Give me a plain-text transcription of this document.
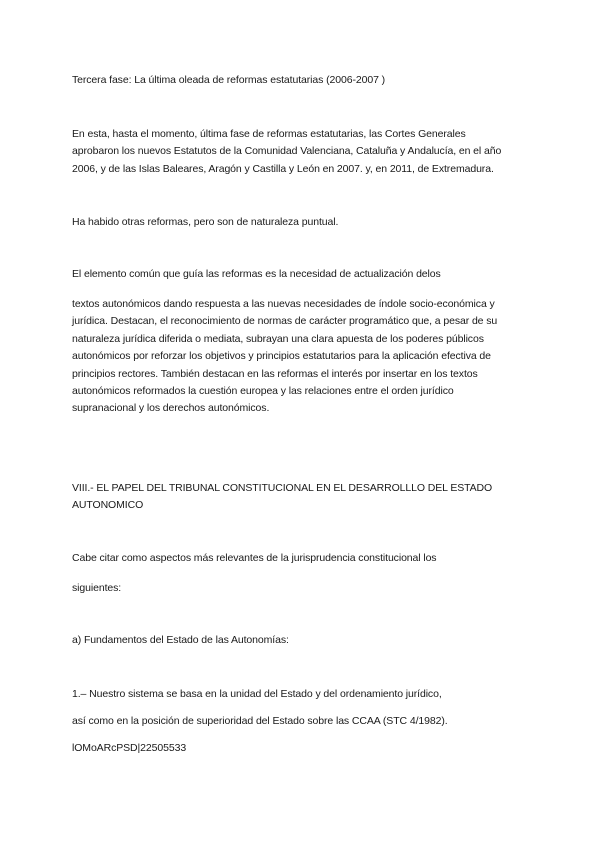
Tercera fase: La última oleada de reformas estatutarias (2006-2007 )

En esta, hasta el momento, última fase de reformas estatutarias, las Cortes Generales
aprobaron los nuevos Estatutos de la Comunidad Valenciana, Cataluña y Andalucía, en el año
2006, y de las Islas Baleares, Aragón y Castilla y León en 2007. y, en 2011, de Extremadura.

Ha habido otras reformas, pero son de naturaleza puntual.

El elemento común que guía las reformas es la necesidad de actualización delos

textos autonómicos dando respuesta a las nuevas necesidades de índole socio-económica y
jurídica. Destacan, el reconocimiento de normas de carácter programático que, a pesar de su
naturaleza jurídica diferida o mediata, subrayan una clara apuesta de los poderes públicos
autonómicos por reforzar los objetivos y principios estatutarios para la aplicación efectiva de
principios rectores. También destacan en las reformas el interés por insertar en los textos
autonómicos reformados la cuestión europea y las relaciones entre el orden jurídico
supranacional y los derechos autonómicos.

VIII.- EL PAPEL DEL TRIBUNAL CONSTITUCIONAL EN EL DESARROLLLO DEL ESTADO
AUTONOMICO

Cabe citar como aspectos más relevantes de la jurisprudencia constitucional los

siguientes:

a) Fundamentos del Estado de las Autonomías:

1.– Nuestro sistema se basa en la unidad del Estado y del ordenamiento jurídico,

así como en la posición de superioridad del Estado sobre las CCAA (STC 4/1982).

lOMoARcPSD|22505533
